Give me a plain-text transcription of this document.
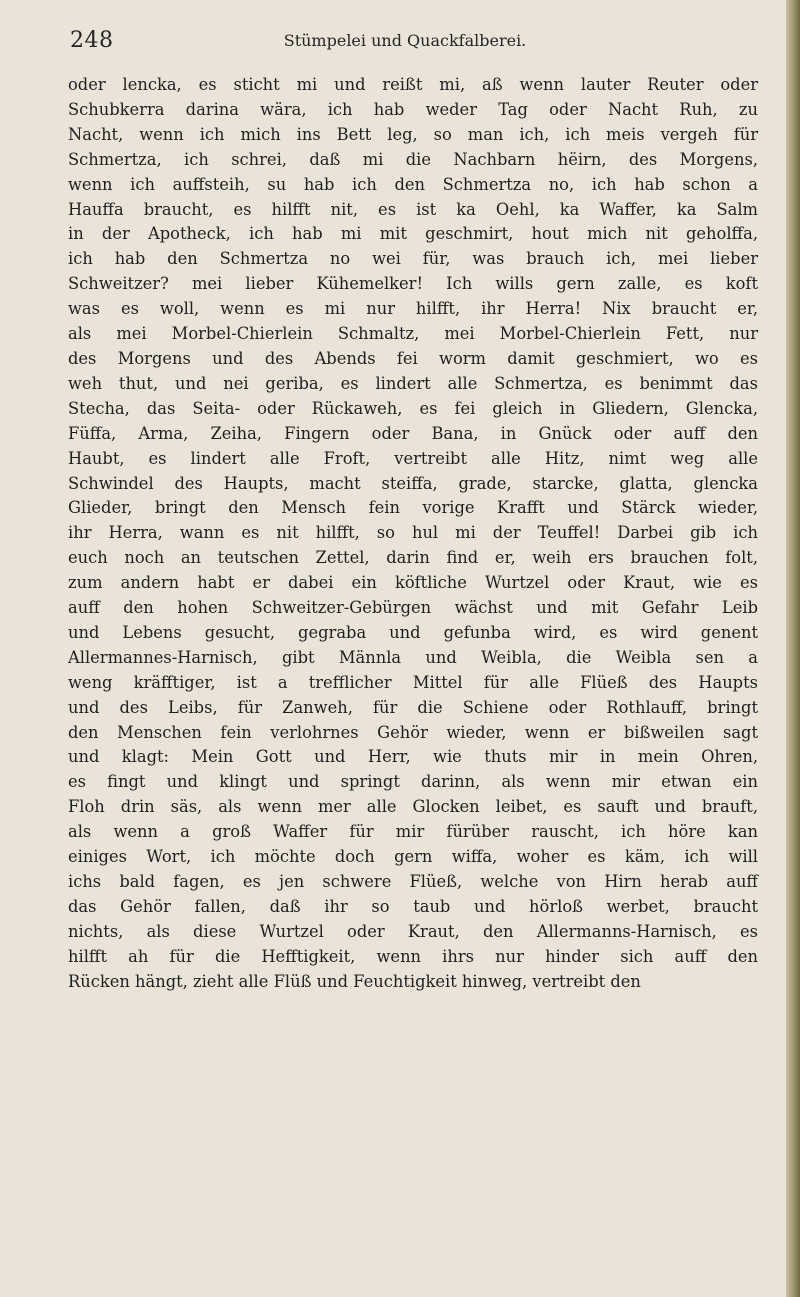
248	Stümpelei und Quackfalberei.
oder lencka, es sticht mi und reißt mi, aß wenn lauter Reuter oder
Schubkerra darina wära, ich hab weder Tag oder Nacht Ruh, zu
Nacht, wenn ich mich ins Bett leg, so man ich, ich meis vergeh für
Schmertza, ich schrei, daß mi die Nachbarn hëirn, des Morgens,
wenn ich auffsteih, su hab ich den Schmertza no, ich hab schon a
Hauffa braucht, es hilfft nit, es ist ka Oehl, ka Waffer, ka Salm
in der Apotheck, ich hab mi mit geschmirt, hout mich nit geholffa,
ich hab den Schmertza no wei für, was brauch ich, mei lieber
Schweitzer? mei lieber Kühemelker! Ich wills gern zalle, es koft
was es woll, wenn es mi nur hilfft, ihr Herra! Nix braucht er,
als mei Morbel-Chierlein Schmaltz, mei Morbel-Chierlein Fett, nur
des Morgens und des Abends fei worm damit geschmiert, wo es
weh thut, und nei geriba, es lindert alle Schmertza, es benimmt das
Stecha, das Seita- oder Rückaweh, es fei gleich in Gliedern, Glencka,
Füffa, Arma, Zeiha, Fingern oder Bana, in Gnück oder auff den
Haubt, es lindert alle Froft, vertreibt alle Hitz, nimt weg alle
Schwindel des Haupts, macht steiffa, grade, starcke, glatta, glencka
Glieder, bringt den Mensch fein vorige Krafft und Stärck wieder,
ihr Herra, wann es nit hilfft, so hul mi der Teuffel! Darbei gib ich
euch noch an teutschen Zettel, darin find er, weih ers brauchen folt,
zum andern habt er dabei ein köftliche Wurtzel oder Kraut, wie es
auff den hohen Schweitzer-Gebürgen wächst und mit Gefahr Leib
und Lebens gesucht, gegraba und gefunba wird, es wird genent
Allermannes-Harnisch, gibt Männla und Weibla, die Weibla sen a
weng kräfftiger, ist a trefflicher Mittel für alle Flüeß des Haupts
und des Leibs, für Zanweh, für die Schiene oder Rothlauff, bringt
den Menschen fein verlohrnes Gehör wieder, wenn er bißweilen sagt
und klagt: Mein Gott und Herr, wie thuts mir in mein Ohren,
es fingt und klingt und springt darinn, als wenn mir etwan ein
Floh drin säs, als wenn mer alle Glocken leibet, es sauft und brauft,
als wenn a groß Waffer für mir fürüber rauscht, ich höre kan
einiges Wort, ich möchte doch gern wiffa, woher es käm, ich will
ichs bald fagen, es jen schwere Flüeß, welche von Hirn herab auff
das Gehör fallen, daß ihr so taub und hörloß werbet, braucht
nichts, als diese Wurtzel oder Kraut, den Allermanns-Harnisch, es
hilfft ah für die Hefftigkeit, wenn ihrs nur hinder sich auff den
Rücken hängt, zieht alle Flüß und Feuchtigkeit hinweg, vertreibt den
